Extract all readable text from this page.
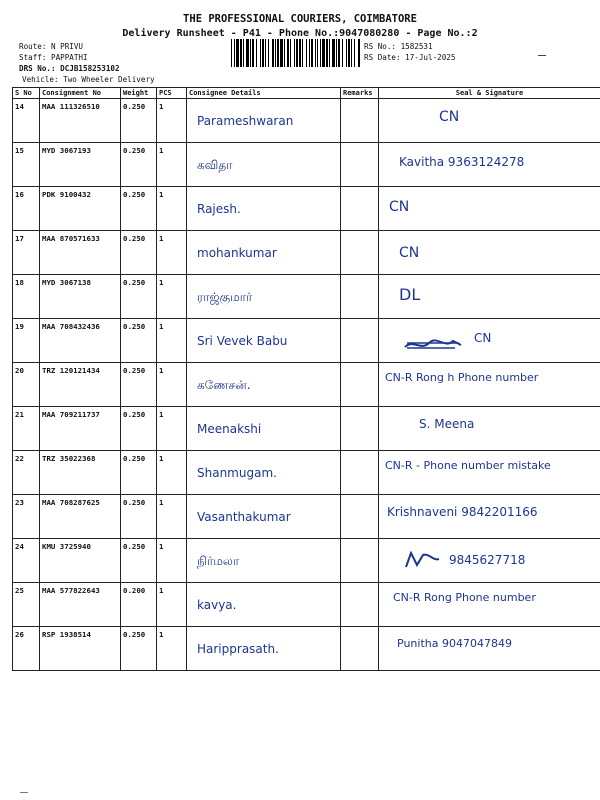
THE PROFESSIONAL COURIERS, COIMBATORE
Delivery Runsheet - P41 - Phone No.:9047080280 - Page No.:2
Route: N PRIVU
Staff: PAPPATHI
DRS No.: DCJB158253102
Vehicle: Two Wheeler Delivery
RS No.: 1582531
RS Date: 17-Jul-2025
S No	Consignment No	Weight	PCS	Consignee Details	Remarks	Seal & Signature
14	MAA 111326510	0.250	1	Parameshwaran		CN

15	MYD 3067193	0.250	1	கவிதா		Kavitha 9363124278

16	PDK 9100432	0.250	1	Rajesh.		CN

17	MAA 870571633	0.250	1	mohankumar		CN

18	MYD 3067138	0.250	1	ராஜ்குமார்		DL

19	MAA 708432436	0.250	1	Sri Vevek Babu		CN

20	TRZ 120121434	0.250	1	கணேசன்.		CN-R Rong h Phone number

21	MAA 709211737	0.250	1	Meenakshi		S. Meena

22	TRZ 35022368	0.250	1	Shanmugam.		CN-R - Phone number mistake

23	MAA 708287625	0.250	1	Vasanthakumar		Krishnaveni 9842201166

24	KMU 3725940	0.250	1	நிர்மலா		9845627718

25	MAA 577822643	0.200	1	kavya.		CN-R Rong Phone number

26	RSP 1938514	0.250	1	Haripprasath.		Punitha 9047047849
